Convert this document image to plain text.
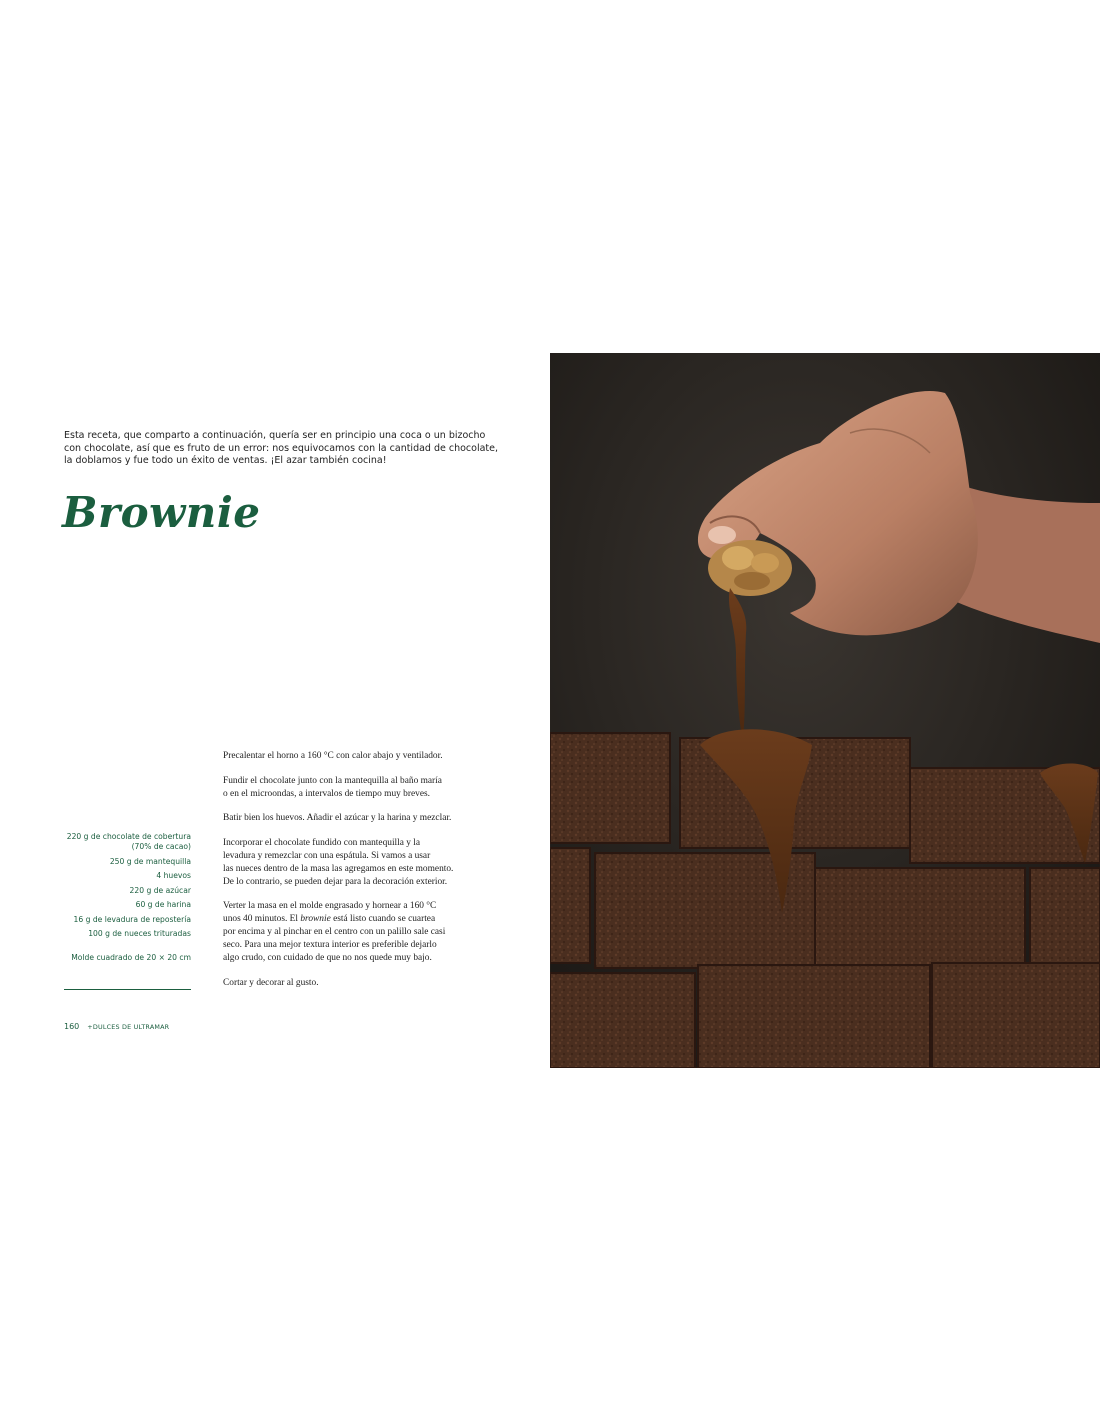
Esta receta, que comparto a continuación, quería ser en principio una coca o un bizocho
con chocolate, así que es fruto de un error: nos equivocamos con la cantidad de chocolate,
la doblamos y fue todo un éxito de ventas. ¡El azar también cocina!
Brownie
220 g de chocolate de cobertura
(70% de cacao)
250 g de mantequilla
4 huevos
220 g de azúcar
60 g de harina
16 g de levadura de repostería
100 g de nueces trituradas
Molde cuadrado de 20 × 20 cm
160 +DULCES DE ULTRAMAR

Precalentar el horno a 160 °C con calor abajo y ventilador.

Fundir el chocolate junto con la mantequilla al baño maría
o en el microondas, a intervalos de tiempo muy breves.

Batir bien los huevos. Añadir el azúcar y la harina y mezclar.

Incorporar el chocolate fundido con mantequilla y la
levadura y remezclar con una espátula. Si vamos a usar
las nueces dentro de la masa las agregamos en este momento.
De lo contrario, se pueden dejar para la decoración exterior.

Verter la masa en el molde engrasado y hornear a 160 °C
unos 40 minutos. El brownie está listo cuando se cuartea
por encima y al pinchar en el centro con un palillo sale casi
seco. Para una mejor textura interior es preferible dejarlo
algo crudo, con cuidado de que no nos quede muy bajo.

Cortar y decorar al gusto.
